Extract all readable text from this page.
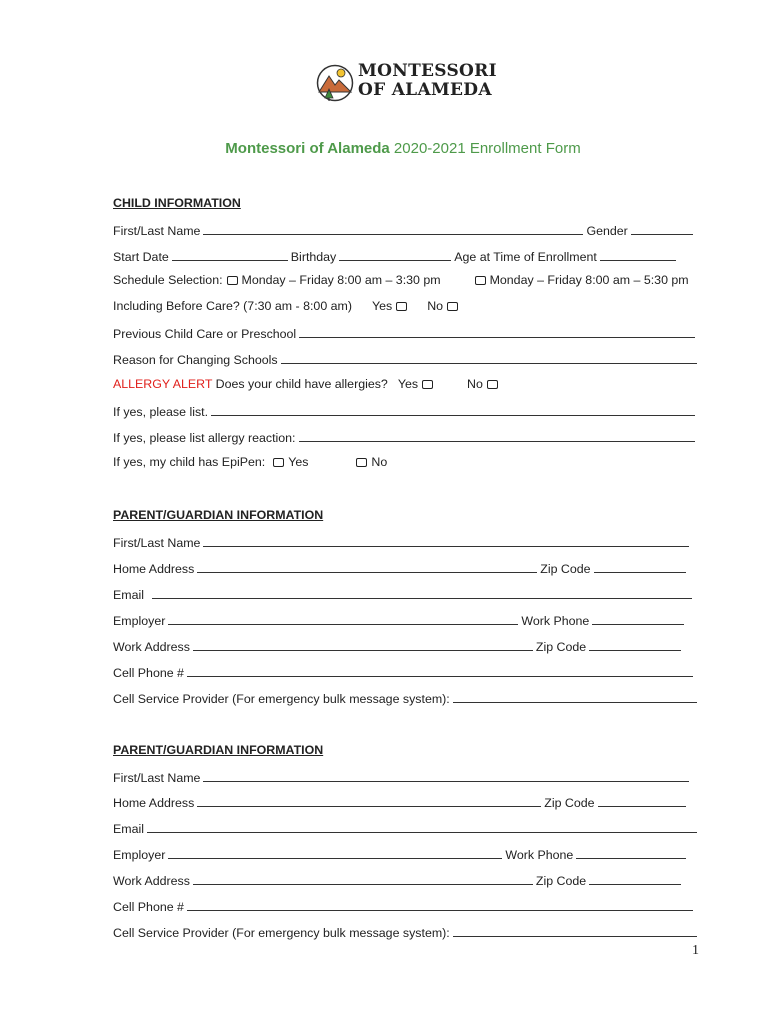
MONTESSORI
OF ALAMEDA
Montessori of Alameda 2020-2021 Enrollment Form
CHILD INFORMATION
First/Last Name	Gender
Start Date	Birthday	Age at Time of Enrollment
Schedule Selection: Monday – Friday 8:00 am – 3:30 pm	Monday – Friday 8:00 am – 5:30 pm
Including Before Care? (7:30 am - 8:00 am) Yes	No
Previous Child Care or Preschool
Reason for Changing Schools
ALLERGY ALERT Does your child have allergies? Yes	No
If yes, please list.
If yes, please list allergy reaction:
If yes, my child has EpiPen: Yes	No
PARENT/GUARDIAN INFORMATION
First/Last Name
Home Address	Zip Code
Email
Employer	Work Phone
Work Address	Zip Code
Cell Phone #
Cell Service Provider (For emergency bulk message system):
PARENT/GUARDIAN INFORMATION
First/Last Name
Home Address	Zip Code
Email
Employer	Work Phone
Work Address	Zip Code
Cell Phone #
Cell Service Provider (For emergency bulk message system):
1
